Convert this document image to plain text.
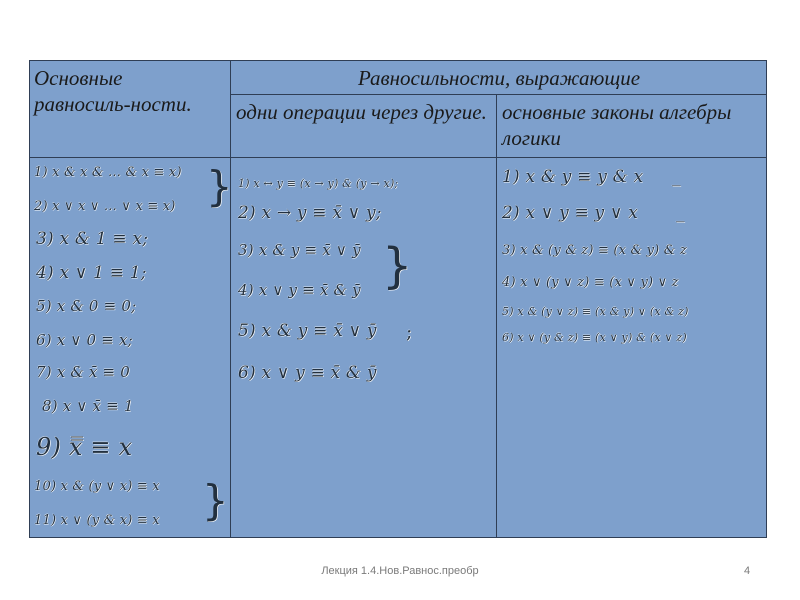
Основные равносиль-ности.
Равносильности, выражающие
одни операции через другие. основные законы алгебры логики
1) x & x & … & x ≡ x)
2) x ∨ x ∨ … ∨ x ≡ x) }
3) x & 1 ≡ x;
4) x ∨ 1 ≡ 1;
5) x & 0 ≡ 0;
6) x ∨ 0 ≡ x;
7) x & x̄ ≡ 0
8) x ∨ x̄ ≡ 1
9) x̿ ≡ x
10) x & (y ∨ x) ≡ x
11) x ∨ (y & x) ≡ x }
1) x ↔ y ≡ (x → y) & (y → x);
2) x → y ≡ x̄ ∨ y;
3) x & y ≡ x̄ ∨ ȳ
4) x ∨ y ≡ x̄ & ȳ }
5) x & y ≡ x̄ ∨ ȳ ;
6) x ∨ y ≡ x̄ & ȳ
1) x & y ≡ y & x _
2) x ∨ y ≡ y ∨ x _
3) x & (y & z) ≡ (x & y) & z
4) x ∨ (y ∨ z) ≡ (x ∨ y) ∨ z
5) x & (y ∨ z) ≡ (x & y) ∨ (x & z)
6) x ∨ (y & z) ≡ (x ∨ y) & (x ∨ z)
Лекция 1.4.Нов.Равнос.преобр	4
